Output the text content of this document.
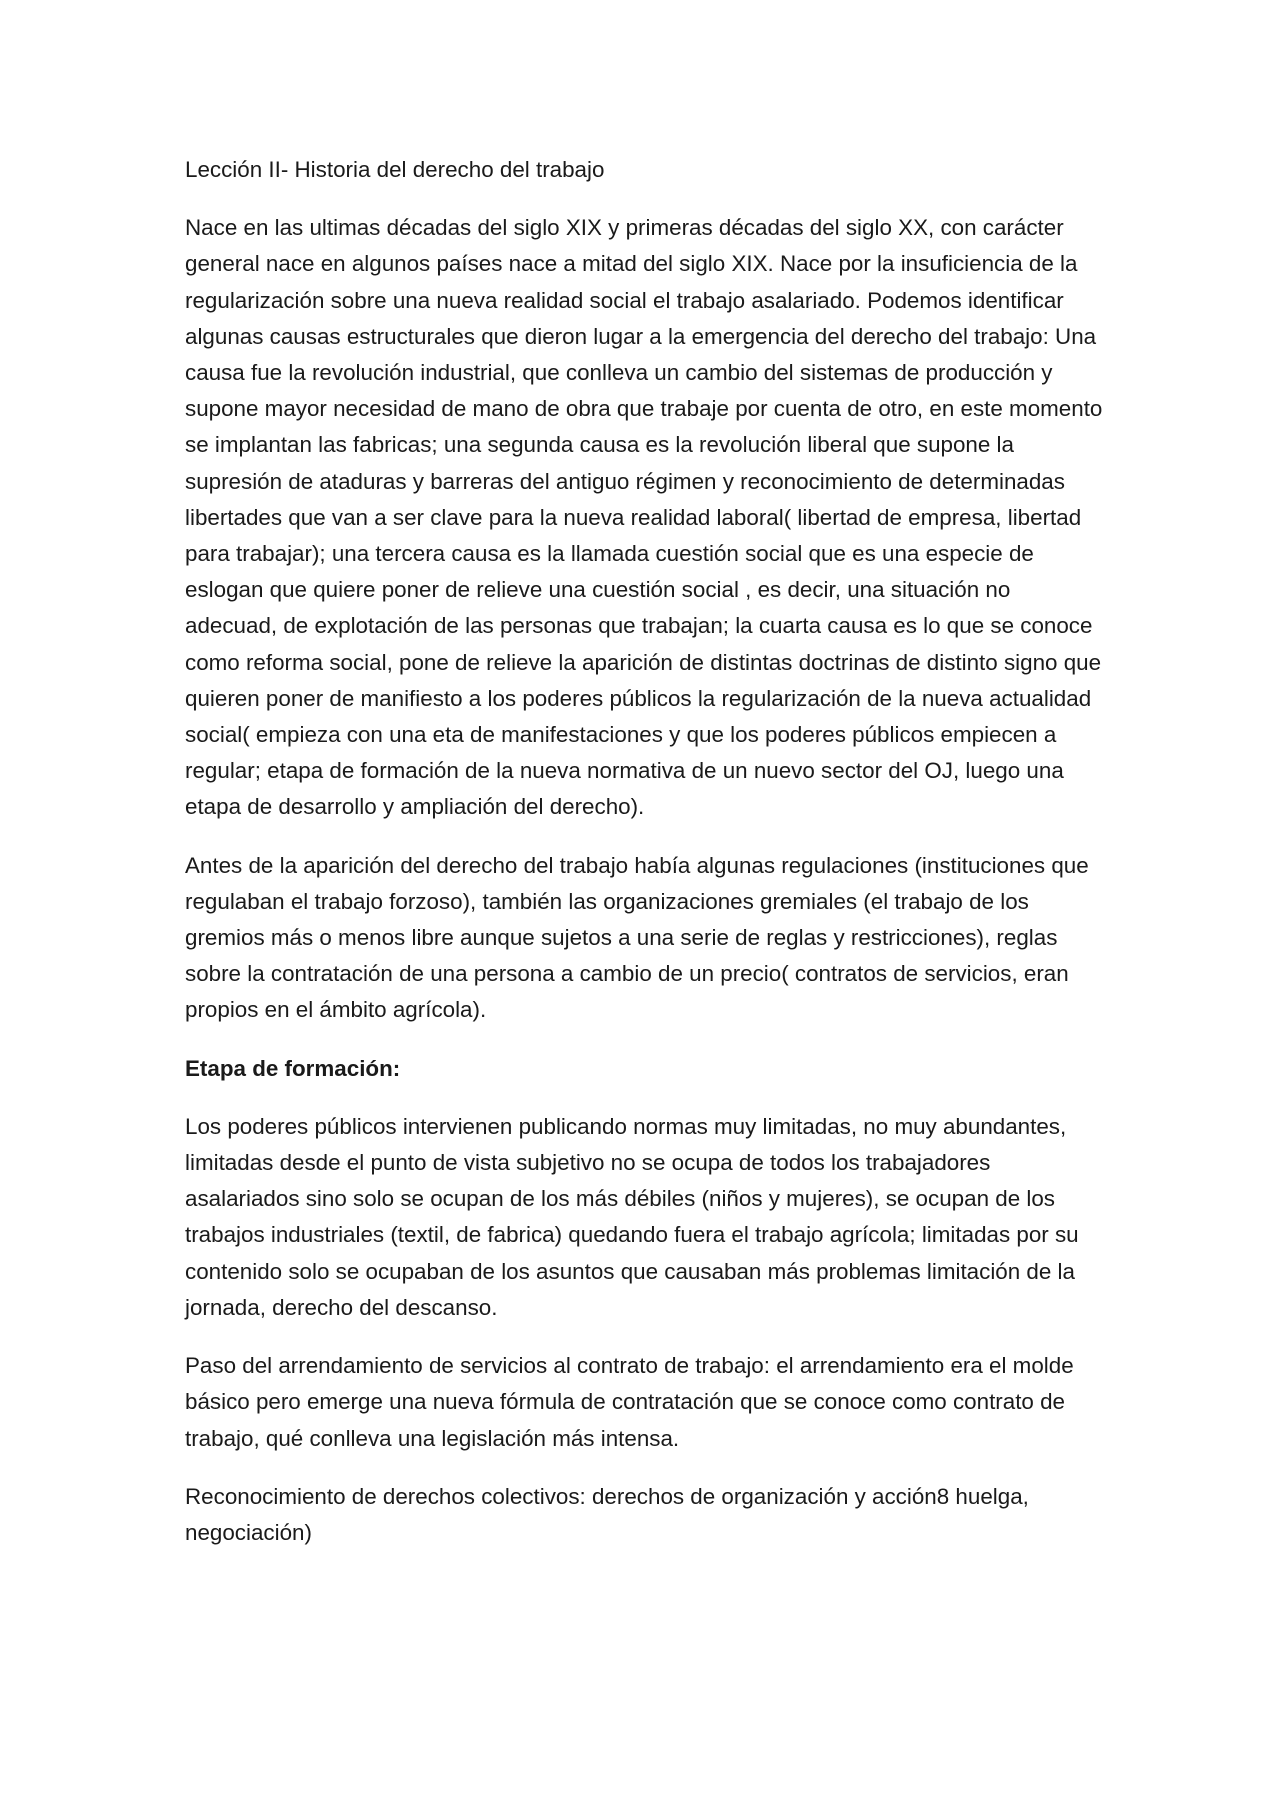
Lección II- Historia del derecho del trabajo

Nace en las ultimas décadas del siglo XIX y primeras décadas del siglo XX, con carácter general nace en algunos países nace a mitad del siglo XIX. Nace por la insuficiencia de la regularización sobre una nueva realidad social el trabajo asalariado. Podemos identificar algunas causas estructurales que dieron lugar a la emergencia del derecho del trabajo: Una causa fue la revolución industrial, que conlleva un cambio del sistemas de producción y supone mayor necesidad de mano de obra que trabaje por cuenta de otro, en este momento se implantan las fabricas; una segunda causa es la revolución liberal que supone la supresión de ataduras y barreras del antiguo régimen y reconocimiento de determinadas libertades que van a ser clave para la nueva realidad laboral( libertad de empresa, libertad para trabajar); una tercera causa es la llamada cuestión social que es una especie de eslogan que quiere poner de relieve una cuestión social , es decir, una situación no adecuad, de explotación de las personas que trabajan; la cuarta causa es lo que se conoce como reforma social, pone de relieve la aparición de distintas doctrinas de distinto signo que quieren poner de manifiesto a los poderes públicos la regularización de la nueva actualidad social( empieza con una eta de manifestaciones y que los poderes públicos empiecen a regular; etapa de formación de la nueva normativa de un nuevo sector del OJ, luego una etapa de desarrollo y ampliación del derecho).

Antes de la aparición del derecho del trabajo había algunas regulaciones (instituciones que regulaban el trabajo forzoso), también las organizaciones gremiales (el trabajo de los gremios más o menos libre aunque sujetos a una serie de reglas y restricciones), reglas sobre la contratación de una persona a cambio de un precio( contratos de servicios, eran propios en el ámbito agrícola).

Etapa de formación:

Los poderes públicos intervienen publicando normas muy limitadas, no muy abundantes, limitadas desde el punto de vista subjetivo no se ocupa de todos los trabajadores asalariados sino solo se ocupan de los más débiles (niños y mujeres), se ocupan de los trabajos industriales (textil, de fabrica) quedando fuera el trabajo agrícola; limitadas por su contenido solo se ocupaban de los asuntos que causaban más problemas limitación de la jornada, derecho del descanso.

Paso del arrendamiento de servicios al contrato de trabajo: el arrendamiento era el molde básico pero emerge una nueva fórmula de contratación que se conoce como contrato de trabajo, qué conlleva una legislación más intensa.

Reconocimiento de derechos colectivos: derechos de organización y acción8 huelga, negociación)
